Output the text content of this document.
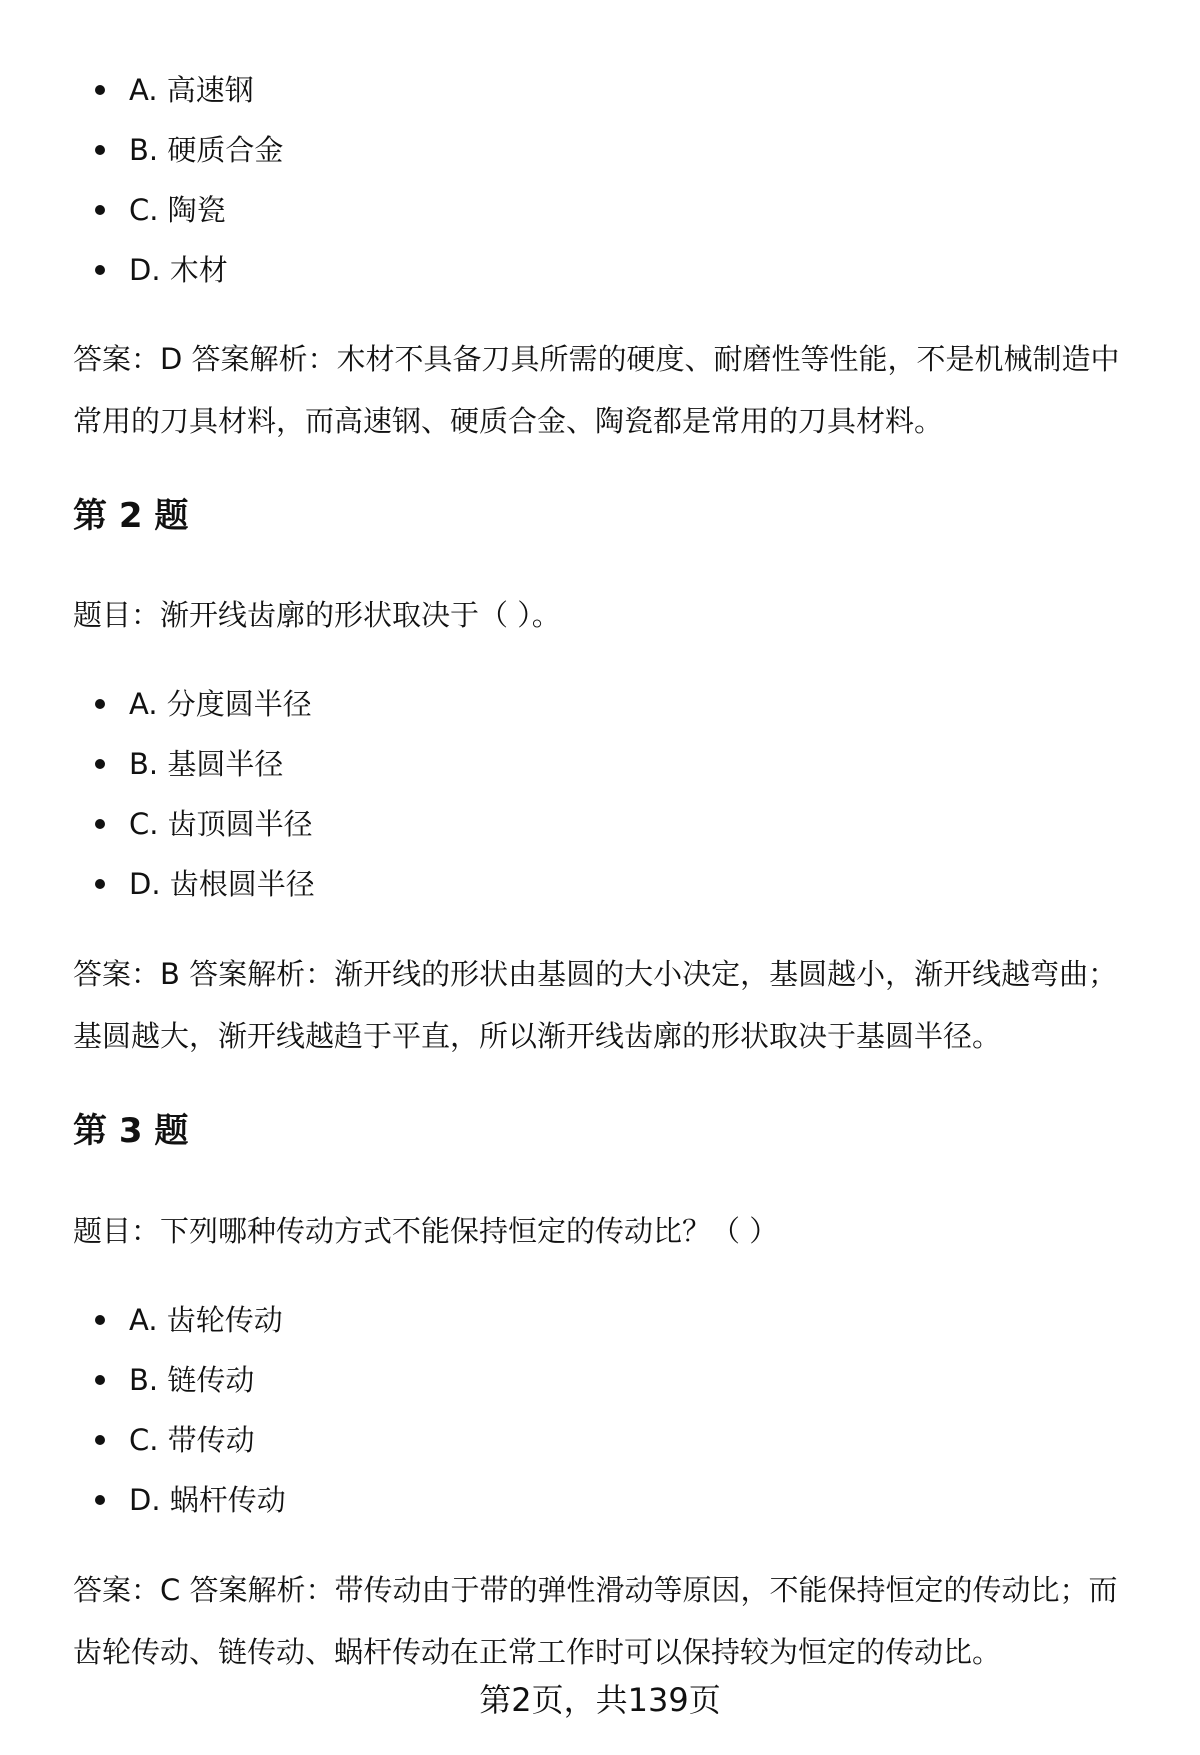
A. 高速钢
B. 硬质合金
C. 陶瓷
D. 木材
答案：D 答案解析：木材不具备刀具所需的硬度、耐磨性等性能，不是机械制造中
常用的刀具材料，而高速钢、硬质合金、陶瓷都是常用的刀具材料。
第 2 题
题目：渐开线齿廓的形状取决于（ ）。
A. 分度圆半径
B. 基圆半径
C. 齿顶圆半径
D. 齿根圆半径
答案：B 答案解析：渐开线的形状由基圆的大小决定，基圆越小，渐开线越弯曲；
基圆越大，渐开线越趋于平直，所以渐开线齿廓的形状取决于基圆半径。
第 3 题
题目：下列哪种传动方式不能保持恒定的传动比？（ ）
A. 齿轮传动
B. 链传动
C. 带传动
D. 蜗杆传动
答案：C 答案解析：带传动由于带的弹性滑动等原因，不能保持恒定的传动比；而
齿轮传动、链传动、蜗杆传动在正常工作时可以保持较为恒定的传动比。
第2页，共139页
